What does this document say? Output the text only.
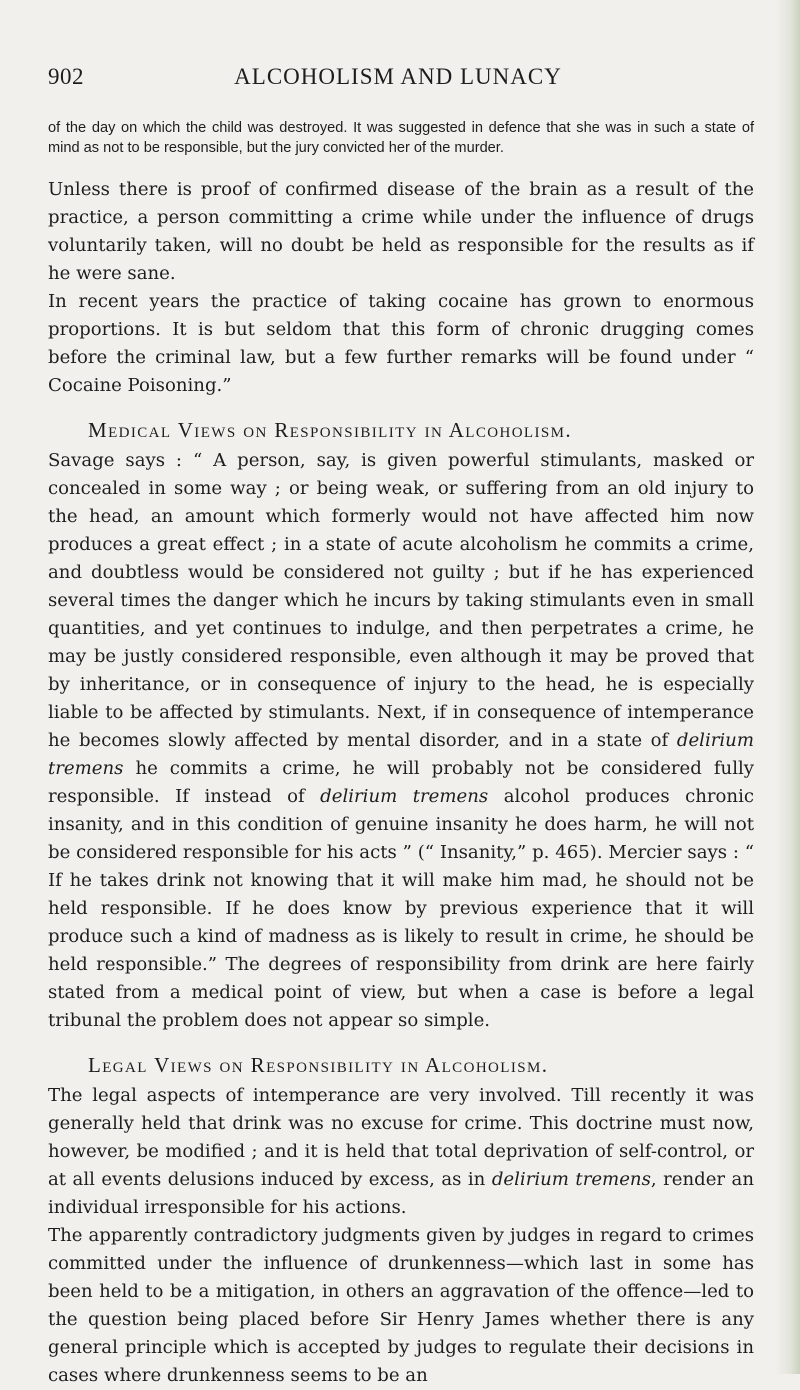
ALCOHOLISM AND LUNACY
902

of the day on which the child was destroyed. It was suggested in defence that she was in such a state of mind as not to be responsible, but the jury convicted her of the murder.

Unless there is proof of confirmed disease of the brain as a result of the practice, a person committing a crime while under the influence of drugs voluntarily taken, will no doubt be held as responsible for the results as if he were sane.

In recent years the practice of taking cocaine has grown to enormous proportions. It is but seldom that this form of chronic drugging comes before the criminal law, but a few further remarks will be found under “ Cocaine Poisoning.”

Medical Views on Responsibility in Alcoholism.

Savage says : “ A person, say, is given powerful stimulants, masked or concealed in some way ; or being weak, or suffering from an old injury to the head, an amount which formerly would not have affected him now produces a great effect ; in a state of acute alcoholism he commits a crime, and doubtless would be considered not guilty ; but if he has experienced several times the danger which he incurs by taking stimulants even in small quantities, and yet continues to indulge, and then perpetrates a crime, he may be justly considered responsible, even although it may be proved that by inheritance, or in consequence of injury to the head, he is especially liable to be affected by stimulants. Next, if in consequence of intemperance he becomes slowly affected by mental disorder, and in a state of delirium tremens he commits a crime, he will probably not be considered fully responsible. If instead of delirium tremens alcohol produces chronic insanity, and in this condition of genuine insanity he does harm, he will not be considered responsible for his acts ” (“ Insanity,” p. 465). Mercier says : “ If he takes drink not knowing that it will make him mad, he should not be held responsible. If he does know by previous experience that it will produce such a kind of madness as is likely to result in crime, he should be held responsible.” The degrees of responsibility from drink are here fairly stated from a medical point of view, but when a case is before a legal tribunal the problem does not appear so simple.

Legal Views on Responsibility in Alcoholism.

The legal aspects of intemperance are very involved. Till recently it was generally held that drink was no excuse for crime. This doctrine must now, however, be modified ; and it is held that total deprivation of self-control, or at all events delusions induced by excess, as in delirium tremens, render an individual irresponsible for his actions.

The apparently contradictory judgments given by judges in regard to crimes committed under the influence of drunkenness—which last in some has been held to be a mitigation, in others an aggravation of the offence—led to the question being placed before Sir Henry James whether there is any general principle which is accepted by judges to regulate their decisions in cases where drunkenness seems to be an
